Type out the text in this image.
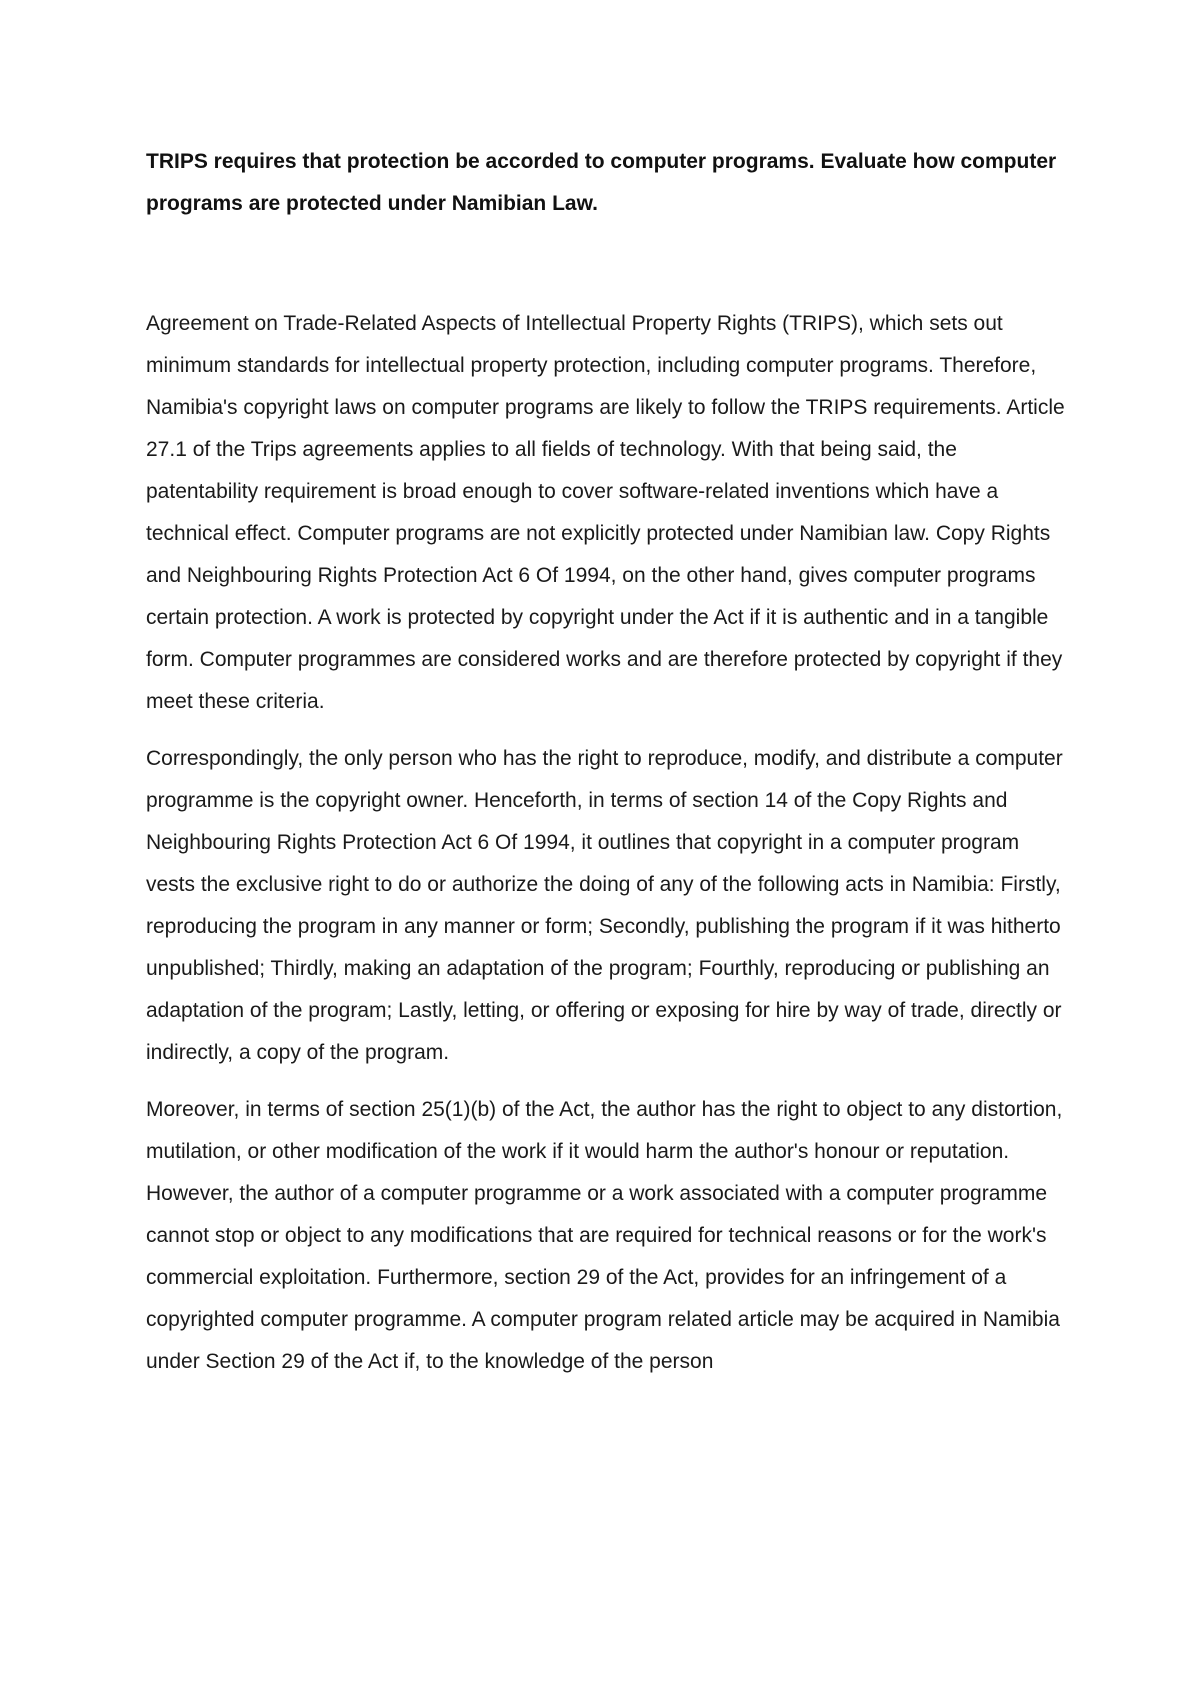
TRIPS requires that protection be accorded to computer programs. Evaluate how computer programs are protected under Namibian Law.

Agreement on Trade-Related Aspects of Intellectual Property Rights (TRIPS), which sets out minimum standards for intellectual property protection, including computer programs. Therefore, Namibia's copyright laws on computer programs are likely to follow the TRIPS requirements. Article 27.1 of the Trips agreements applies to all fields of technology. With that being said, the patentability requirement is broad enough to cover software-related inventions which have a technical effect. Computer programs are not explicitly protected under Namibian law. Copy Rights and Neighbouring Rights Protection Act 6 Of 1994, on the other hand, gives computer programs certain protection. A work is protected by copyright under the Act if it is authentic and in a tangible form. Computer programmes are considered works and are therefore protected by copyright if they meet these criteria.

Correspondingly, the only person who has the right to reproduce, modify, and distribute a computer programme is the copyright owner. Henceforth, in terms of section 14 of the Copy Rights and Neighbouring Rights Protection Act 6 Of 1994, it outlines that copyright in a computer program vests the exclusive right to do or authorize the doing of any of the following acts in Namibia: Firstly, reproducing the program in any manner or form; Secondly, publishing the program if it was hitherto unpublished; Thirdly, making an adaptation of the program; Fourthly, reproducing or publishing an adaptation of the program; Lastly, letting, or offering or exposing for hire by way of trade, directly or indirectly, a copy of the program.

Moreover, in terms of section 25(1)(b) of the Act, the author has the right to object to any distortion, mutilation, or other modification of the work if it would harm the author's honour or reputation. However, the author of a computer programme or a work associated with a computer programme cannot stop or object to any modifications that are required for technical reasons or for the work's commercial exploitation. Furthermore, section 29 of the Act, provides for an infringement of a copyrighted computer programme. A computer program related article may be acquired in Namibia under Section 29 of the Act if, to the knowledge of the person
